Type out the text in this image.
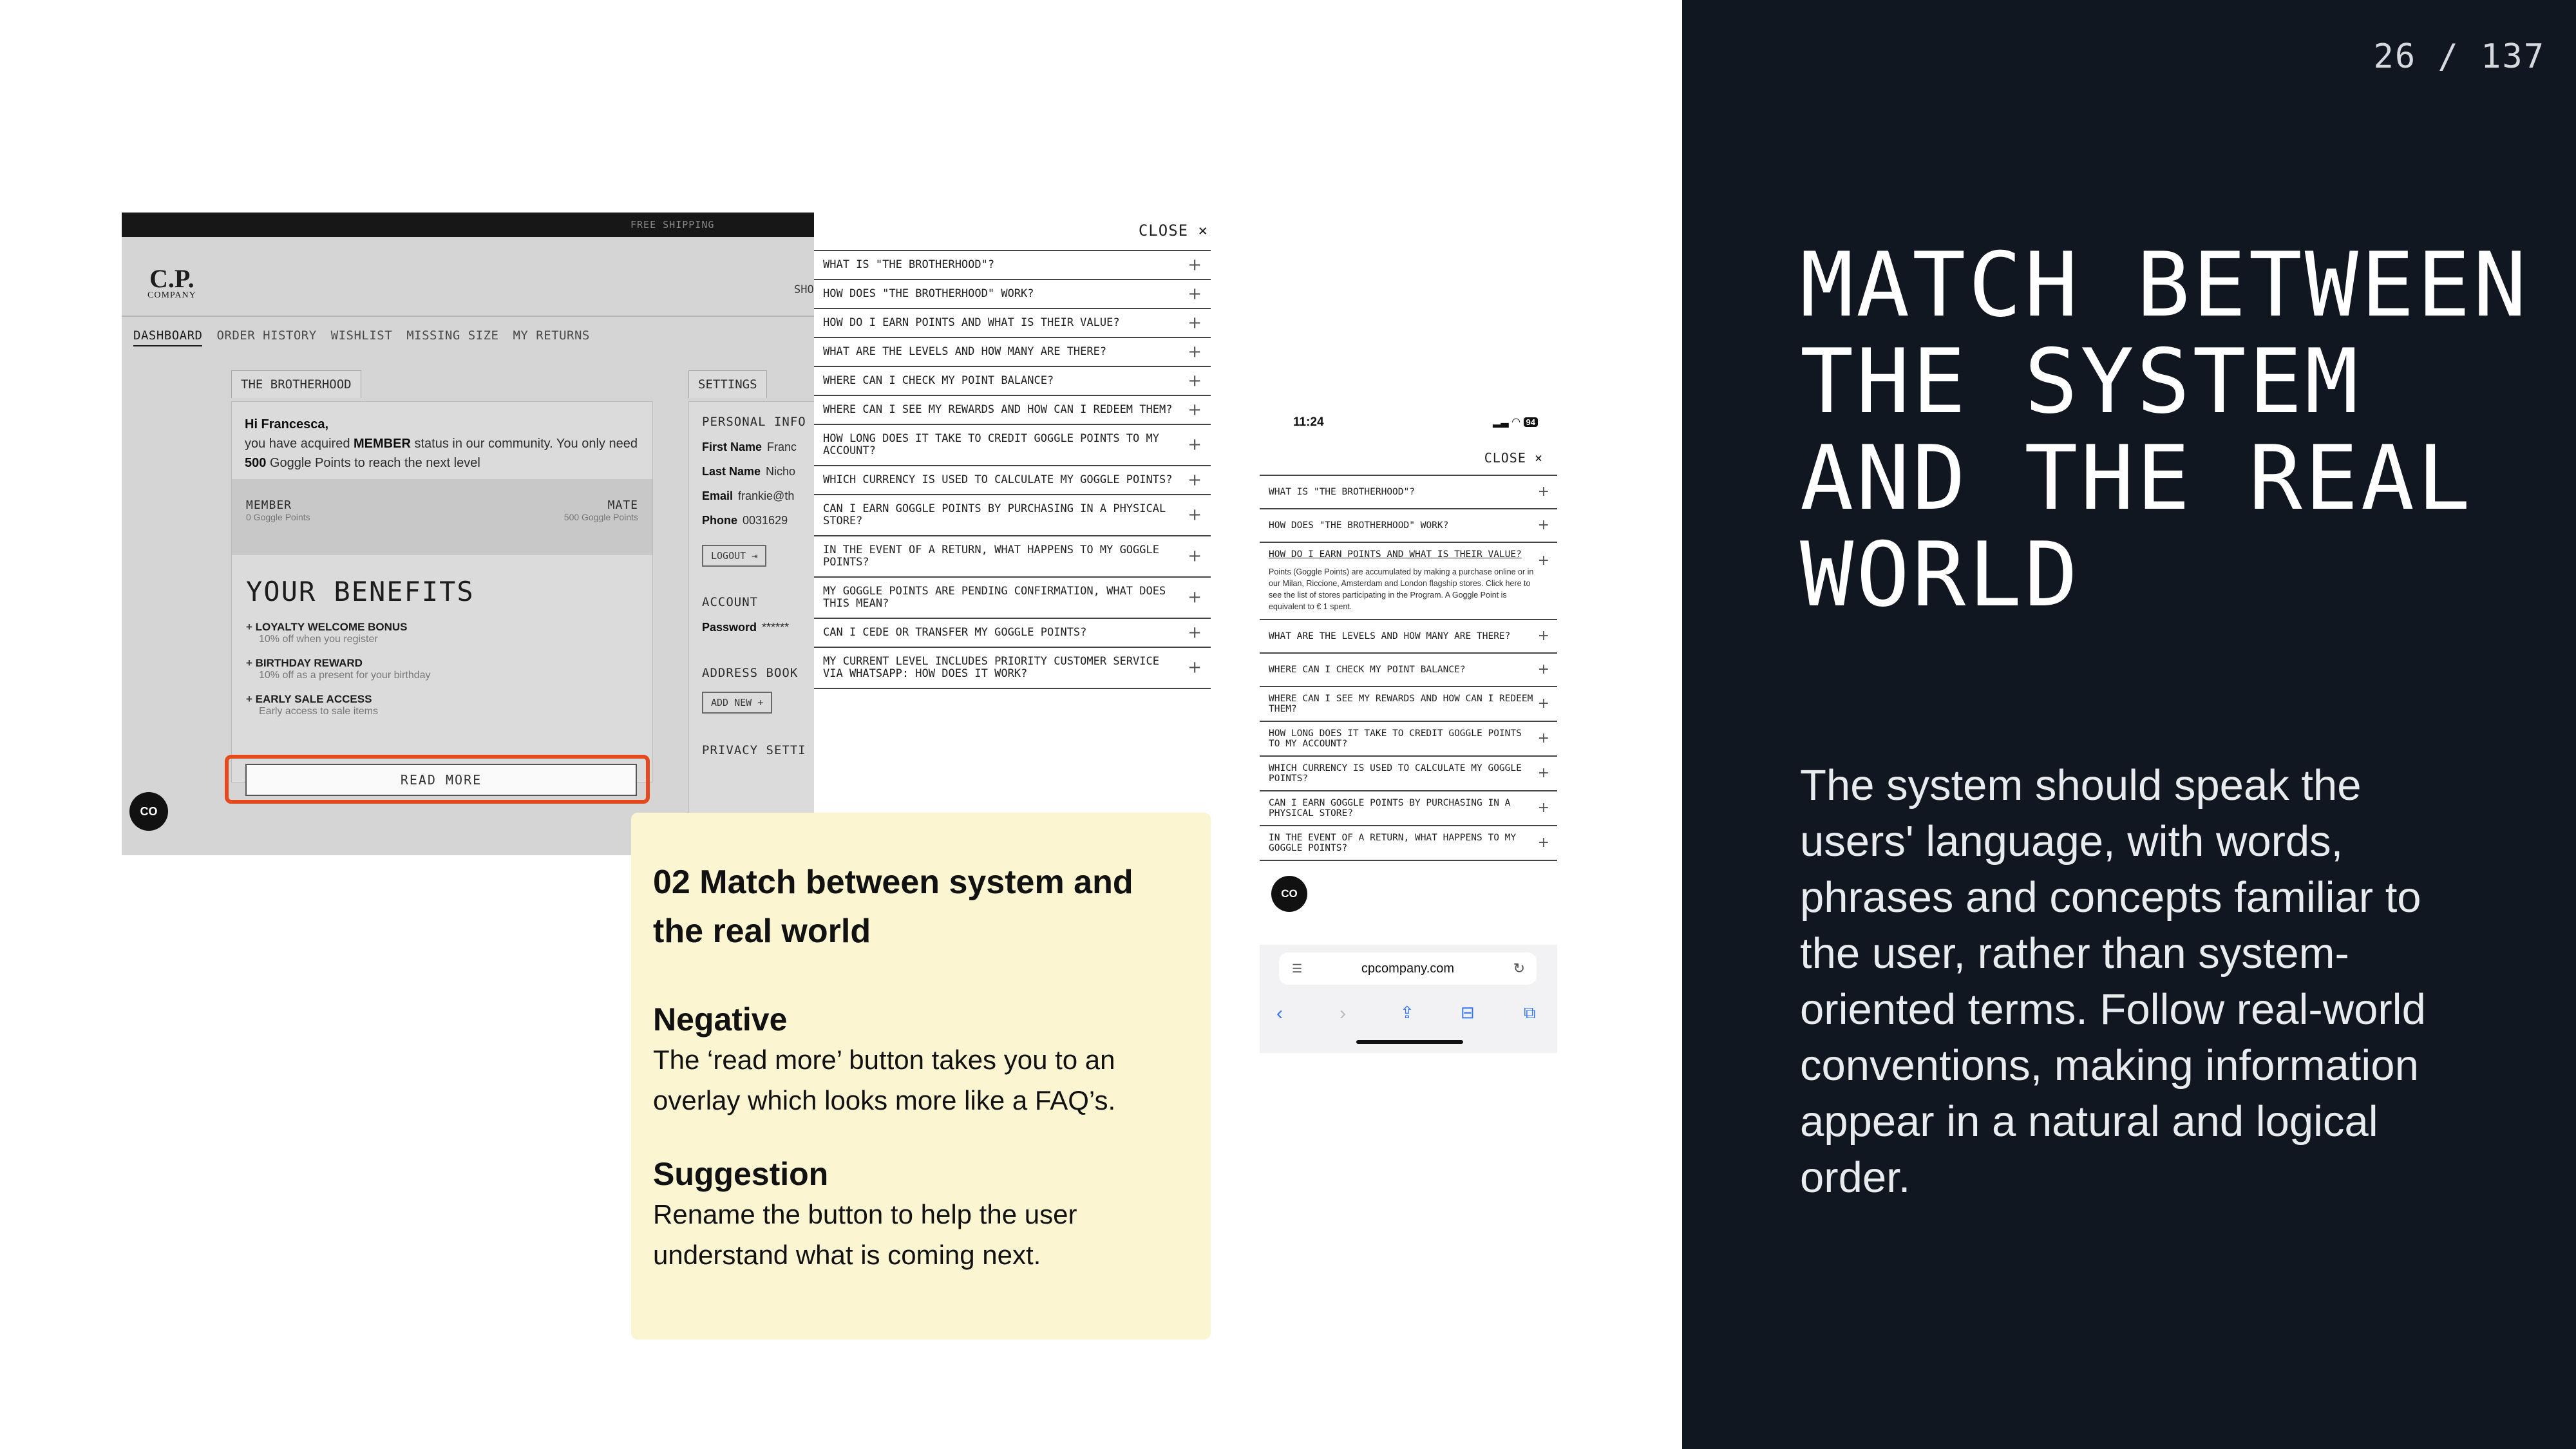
26 / 137
MATCH BETWEEN THE SYSTEM AND THE REAL WORLD
The system should speak the users' language, with words, phrases and concepts familiar to the user, rather than system-oriented terms. Follow real-world conventions, making information appear in a natural and logical order.
FREE SHIPPING
C.P.
COMPANY	SHO
DASHBOARD ORDER HISTORY WISHLIST MISSING SIZE MY RETURNS
THE BROTHERHOOD
Hi Francesca,
you have acquired MEMBER status in our community. You only need 500 Goggle Points to reach the next level
MEMBER
0 Goggle Points
MATE
500 Goggle Points
YOUR BENEFITS
+ LOYALTY WELCOME BONUS
10% off when you register
+ BIRTHDAY REWARD
10% off as a present for your birthday
+ EARLY SALE ACCESS
Early access to sale items
SETTINGS
PERSONAL INFO
First Name Franc
Last Name Nicho
Email frankie@th
Phone 0031629
LOGOUT ⇥
ACCOUNT
Password ******
ADDRESS BOOK
ADD NEW +
PRIVACY SETTI
READ MORE
CO
CLOSE ×
WHAT IS "THE BROTHERHOOD"?	+
HOW DOES "THE BROTHERHOOD" WORK?	+
HOW DO I EARN POINTS AND WHAT IS THEIR VALUE?	+
WHAT ARE THE LEVELS AND HOW MANY ARE THERE?	+
WHERE CAN I CHECK MY POINT BALANCE?	+
WHERE CAN I SEE MY REWARDS AND HOW CAN I REDEEM THEM? +
HOW LONG DOES IT TAKE TO CREDIT GOGGLE POINTS TO MY ACCOUNT?	+
WHICH CURRENCY IS USED TO CALCULATE MY GOGGLE POINTS? +
CAN I EARN GOGGLE POINTS BY PURCHASING IN A PHYSICAL STORE?	+
IN THE EVENT OF A RETURN, WHAT HAPPENS TO MY GOGGLE POINTS?	+
MY GOGGLE POINTS ARE PENDING CONFIRMATION, WHAT DOES THIS MEAN?	+
CAN I CEDE OR TRANSFER MY GOGGLE POINTS?	+
MY CURRENT LEVEL INCLUDES PRIORITY CUSTOMER SERVICE VIA WHATSAPP: HOW DOES IT WORK?	+
02 Match between system and the real world
Negative
The ‘read more’ button takes you to an overlay which looks more like a FAQ’s.
Suggestion
Rename the button to help the user understand what is coming next.
11:24	▂▃ ◠ 94
CLOSE ×
WHAT IS "THE BROTHERHOOD"?	+
HOW DOES "THE BROTHERHOOD" WORK?	+
HOW DO I EARN POINTS AND WHAT IS THEIR VALUE? +
Points (Goggle Points) are accumulated by making a purchase online or in our Milan, Riccione, Amsterdam and London flagship stores. Click here to see the list of stores participating in the Program. A Goggle Point is equivalent to € 1 spent.
WHAT ARE THE LEVELS AND HOW MANY ARE THERE? +
WHERE CAN I CHECK MY POINT BALANCE?	+
WHERE CAN I SEE MY REWARDS AND HOW CAN I REDEEM THEM?	+
HOW LONG DOES IT TAKE TO CREDIT GOGGLE POINTS TO MY ACCOUNT?	+
WHICH CURRENCY IS USED TO CALCULATE MY GOGGLE POINTS?	+
CAN I EARN GOGGLE POINTS BY PURCHASING IN A PHYSICAL STORE?	+
IN THE EVENT OF A RETURN, WHAT HAPPENS TO MY GOGGLE POINTS?	+
CO
☰	cpcompany.com	↻
‹	›	⇪	⊟	⧉
